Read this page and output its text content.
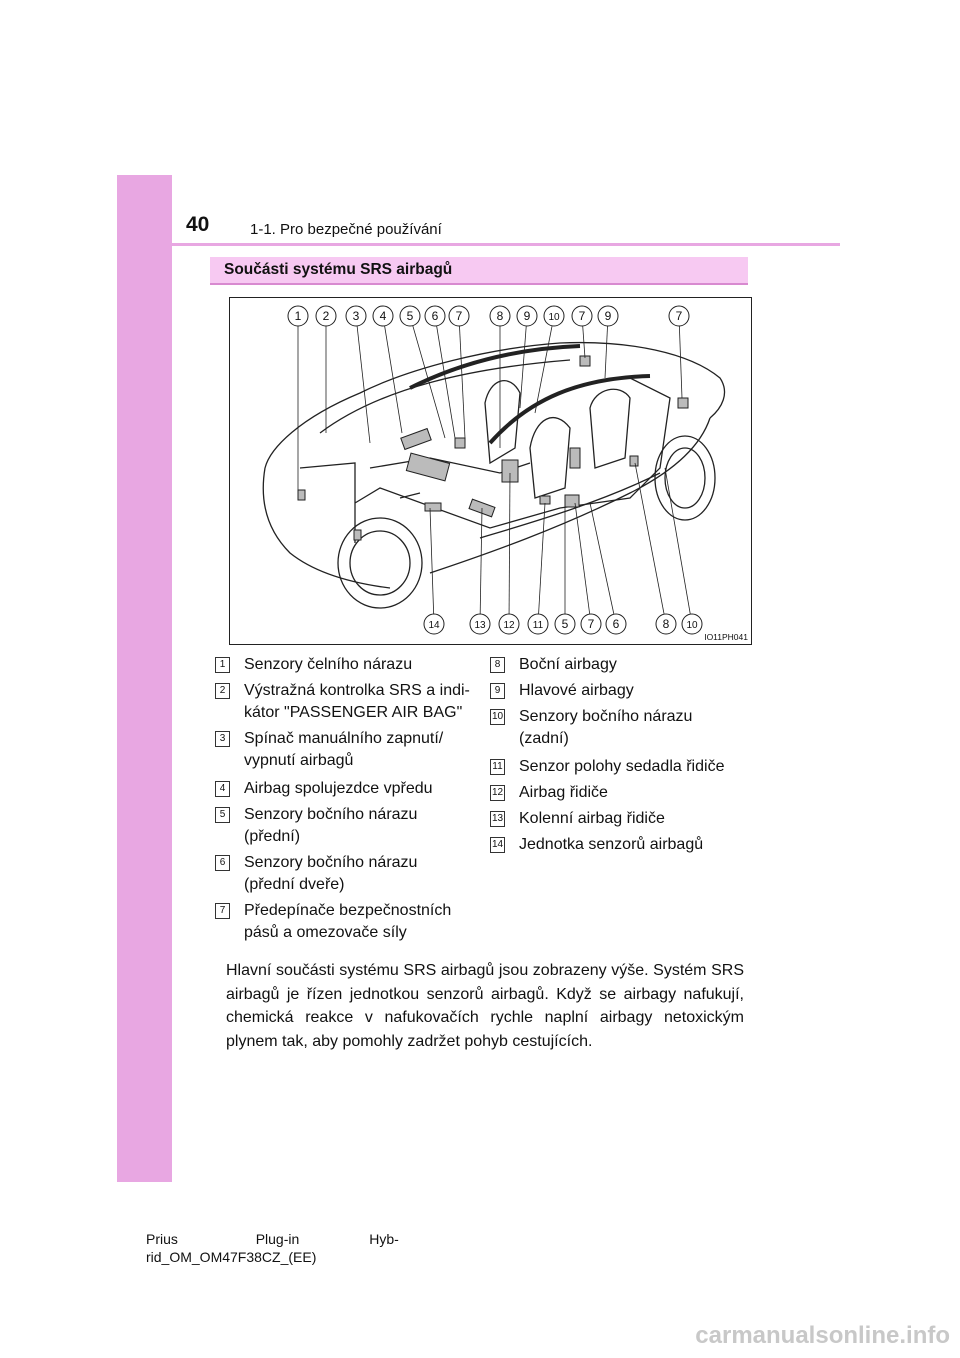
40	1-1. Pro bezpečné používání
Součásti systému SRS airbagů
1 2 3 4 5 6 7	8 9 10 7 9	7
14	13 12 11 5 7 6	8 10
IO11PH041
1 Senzory čelního nárazu
2 Výstražná kontrolka SRS a indi-
kátor "PASSENGER AIR BAG"
3 Spínač manuálního zapnutí/
vypnutí airbagů
4 Airbag spolujezdce vpředu
5 Senzory bočního nárazu
(přední)
6 Senzory bočního nárazu
(přední dveře)
7 Předepínače bezpečnostních
pásů a omezovače síly
8 Boční airbagy
9 Hlavové airbagy
10 Senzory bočního nárazu
(zadní)
11 Senzor polohy sedadla řidiče
12 Airbag řidiče
13 Kolenní airbag řidiče
14 Jednotka senzorů airbagů
Hlavní součásti systému SRS airbagů jsou zobrazeny výše. Systém SRS airbagů je řízen jednotkou senzorů airbagů. Když se airbagy nafukují, chemická reakce v nafukovačích rychle naplní airbagy netoxickým plynem tak, aby pomohly zadržet pohyb cestujících.
Prius                    Plug-in                  Hyb-
rid_OM_OM47F38CZ_(EE)
carmanualsonline.info
